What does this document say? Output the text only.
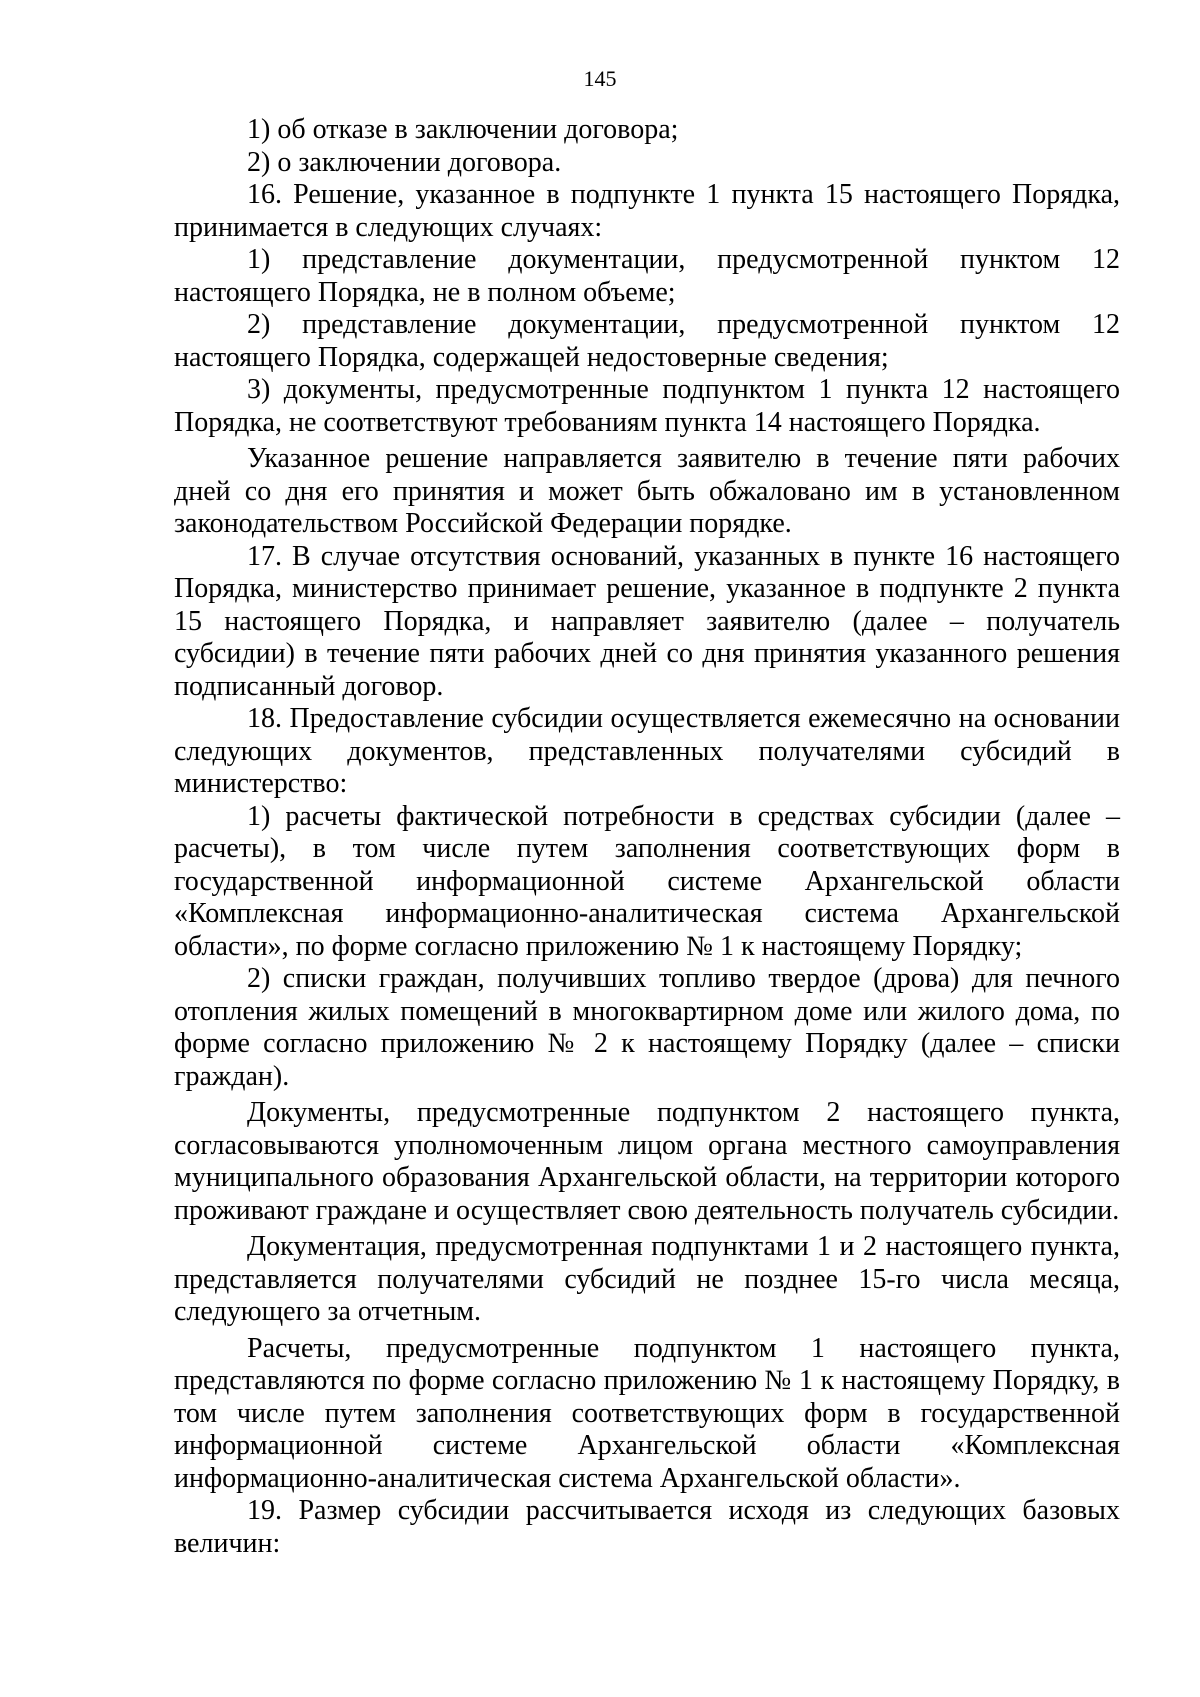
145

1) об отказе в заключении договора;

2) о заключении договора.

16. Решение, указанное в подпункте 1 пункта 15 настоящего Порядка, принимается в следующих случаях:

1) представление документации, предусмотренной пунктом 12 настоящего Порядка, не в полном объеме;

2) представление документации, предусмотренной пунктом 12 настоящего Порядка, содержащей недостоверные сведения;

3) документы, предусмотренные подпунктом 1 пункта 12 настоящего Порядка, не соответствуют требованиям пункта 14 настоящего Порядка.

Указанное решение направляется заявителю в течение пяти рабочих дней со дня его принятия и может быть обжаловано им в установленном законодательством Российской Федерации порядке.

17. В случае отсутствия оснований, указанных в пункте 16 настоящего Порядка, министерство принимает решение, указанное в подпункте 2 пункта 15 настоящего Порядка, и направляет заявителю (далее – получатель субсидии) в течение пяти рабочих дней со дня принятия указанного решения подписанный договор.

18. Предоставление субсидии осуществляется ежемесячно на основании следующих документов, представленных получателями субсидий в министерство:

1) расчеты фактической потребности в средствах субсидии (далее – расчеты), в том числе путем заполнения соответствующих форм в государственной информационной системе Архангельской области «Комплексная информационно-аналитическая система Архангельской области», по форме согласно приложению № 1 к настоящему Порядку;

2) списки граждан, получивших топливо твердое (дрова) для печного отопления жилых помещений в многоквартирном доме или жилого дома, по форме согласно приложению № 2 к настоящему Порядку (далее – списки граждан).

Документы, предусмотренные подпунктом 2 настоящего пункта, согласовываются уполномоченным лицом органа местного самоуправления муниципального образования Архангельской области, на территории которого проживают граждане и осуществляет свою деятельность получатель субсидии.

Документация, предусмотренная подпунктами 1 и 2 настоящего пункта, представляется получателями субсидий не позднее 15-го числа месяца, следующего за отчетным.

Расчеты, предусмотренные подпунктом 1 настоящего пункта, представляются по форме согласно приложению № 1 к настоящему Порядку, в том числе путем заполнения соответствующих форм в государственной информационной системе Архангельской области «Комплексная информационно-аналитическая система Архангельской области».

19. Размер субсидии рассчитывается исходя из следующих базовых величин:
